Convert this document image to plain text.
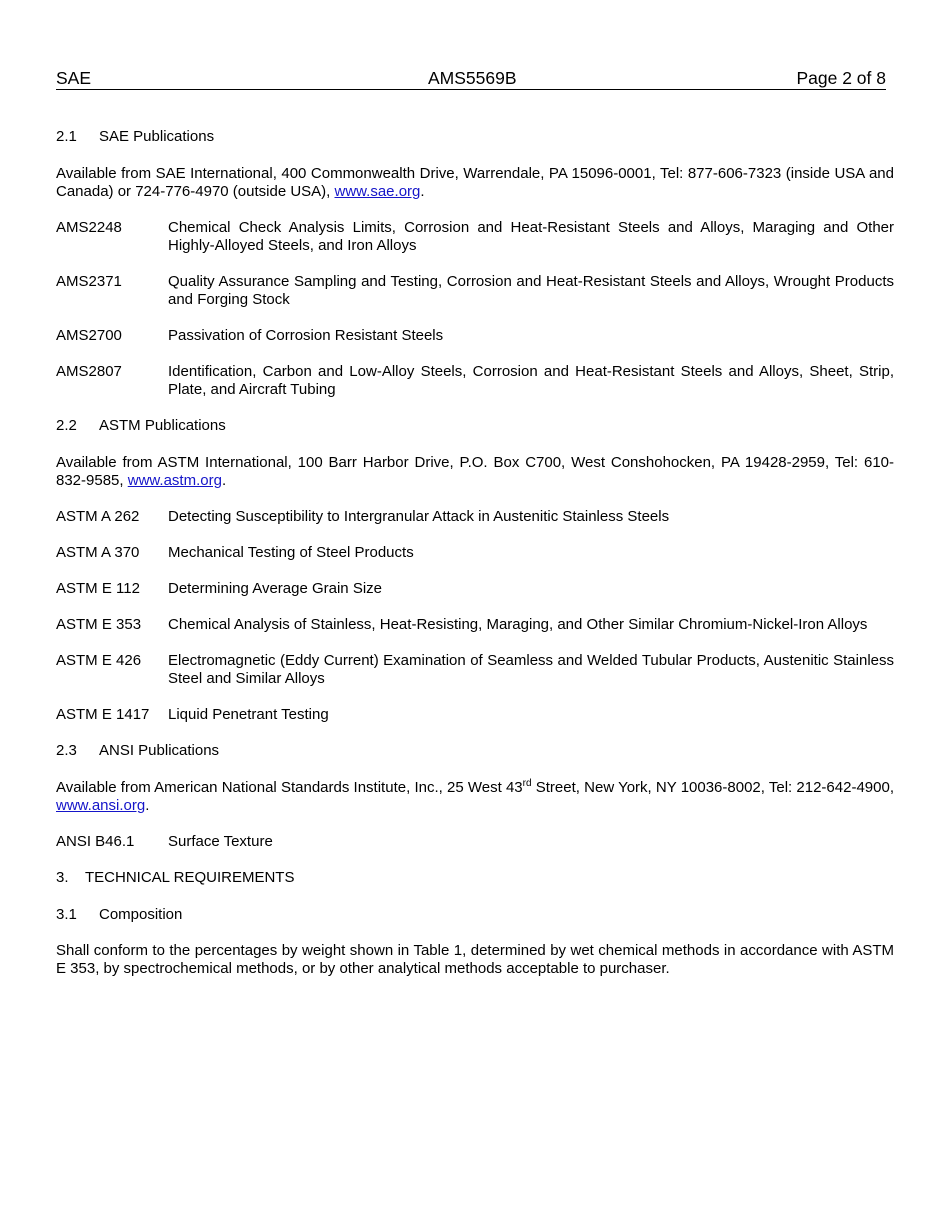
SAE	AMS5569B	Page 2 of 8
2.1 SAE Publications
Available from SAE International, 400 Commonwealth Drive, Warrendale, PA 15096-0001, Tel: 877-606-7323 (inside USA and Canada) or 724-776-4970 (outside USA), www.sae.org.
AMS2248	Chemical Check Analysis Limits, Corrosion and Heat-Resistant Steels and Alloys, Maraging and Other Highly-Alloyed Steels, and Iron Alloys
AMS2371	Quality Assurance Sampling and Testing, Corrosion and Heat-Resistant Steels and Alloys, Wrought Products and Forging Stock
AMS2700	Passivation of Corrosion Resistant Steels
AMS2807	Identification, Carbon and Low-Alloy Steels, Corrosion and Heat-Resistant Steels and Alloys, Sheet, Strip, Plate, and Aircraft Tubing
2.2 ASTM Publications
Available from ASTM International, 100 Barr Harbor Drive, P.O. Box C700, West Conshohocken, PA 19428-2959, Tel: 610-832-9585, www.astm.org.
ASTM A 262	Detecting Susceptibility to Intergranular Attack in Austenitic Stainless Steels
ASTM A 370	Mechanical Testing of Steel Products
ASTM E 112	Determining Average Grain Size
ASTM E 353	Chemical Analysis of Stainless, Heat-Resisting, Maraging, and Other Similar Chromium-Nickel-Iron Alloys
ASTM E 426	Electromagnetic (Eddy Current) Examination of Seamless and Welded Tubular Products, Austenitic Stainless Steel and Similar Alloys
ASTM E 1417	Liquid Penetrant Testing
2.3 ANSI Publications
Available from American National Standards Institute, Inc., 25 West 43rd Street, New York, NY 10036-8002, Tel: 212-642-4900, www.ansi.org.
ANSI B46.1	Surface Texture
3. TECHNICAL REQUIREMENTS
3.1 Composition
Shall conform to the percentages by weight shown in Table 1, determined by wet chemical methods in accordance with ASTM E 353, by spectrochemical methods, or by other analytical methods acceptable to purchaser.
